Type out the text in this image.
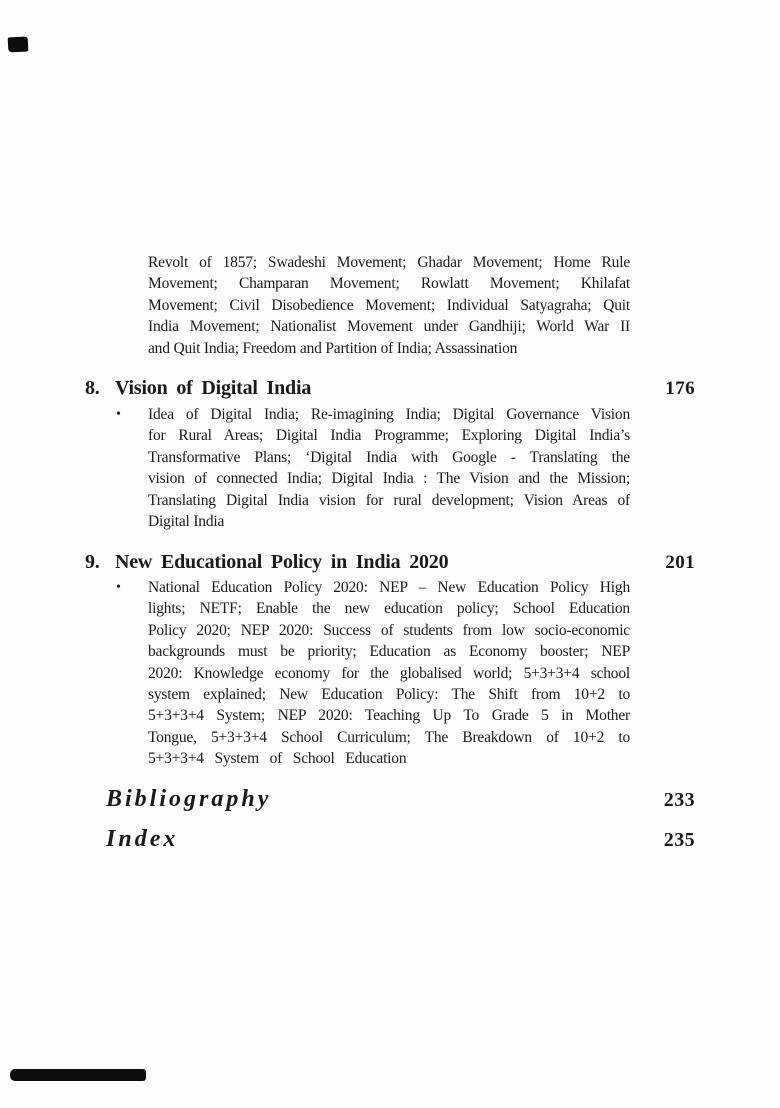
Revolt of 1857; Swadeshi Movement; Ghadar Movement; Home Rule
Movement; Champaran Movement; Rowlatt Movement; Khilafat
Movement; Civil Disobedience Movement; Individual Satyagraha; Quit
India Movement; Nationalist Movement under Gandhiji; World War II
and Quit India; Freedom and Partition of India; Assassination
8. Vision of Digital India	176
•	Idea of Digital India; Re-imagining India; Digital Governance Vision
for Rural Areas; Digital India Programme; Exploring Digital India’s
Transformative Plans; ‘Digital India with Google - Translating the
vision of connected India; Digital India : The Vision and the Mission;
Translating Digital India vision for rural development; Vision Areas of
Digital India
9. New Educational Policy in India 2020	201
•	National Education Policy 2020: NEP – New Education Policy High
lights; NETF; Enable the new education policy; School Education
Policy 2020; NEP 2020: Success of students from low socio-economic
backgrounds must be priority; Education as Economy booster; NEP
2020: Knowledge economy for the globalised world; 5+3+3+4 school
system explained; New Education Policy: The Shift from 10+2 to
5+3+3+4 System; NEP 2020: Teaching Up To Grade 5 in Mother
Tongue, 5+3+3+4 School Curriculum; The Breakdown of 10+2 to
5+3+3+4 System of School Education
Bibliography	233
Index	235
